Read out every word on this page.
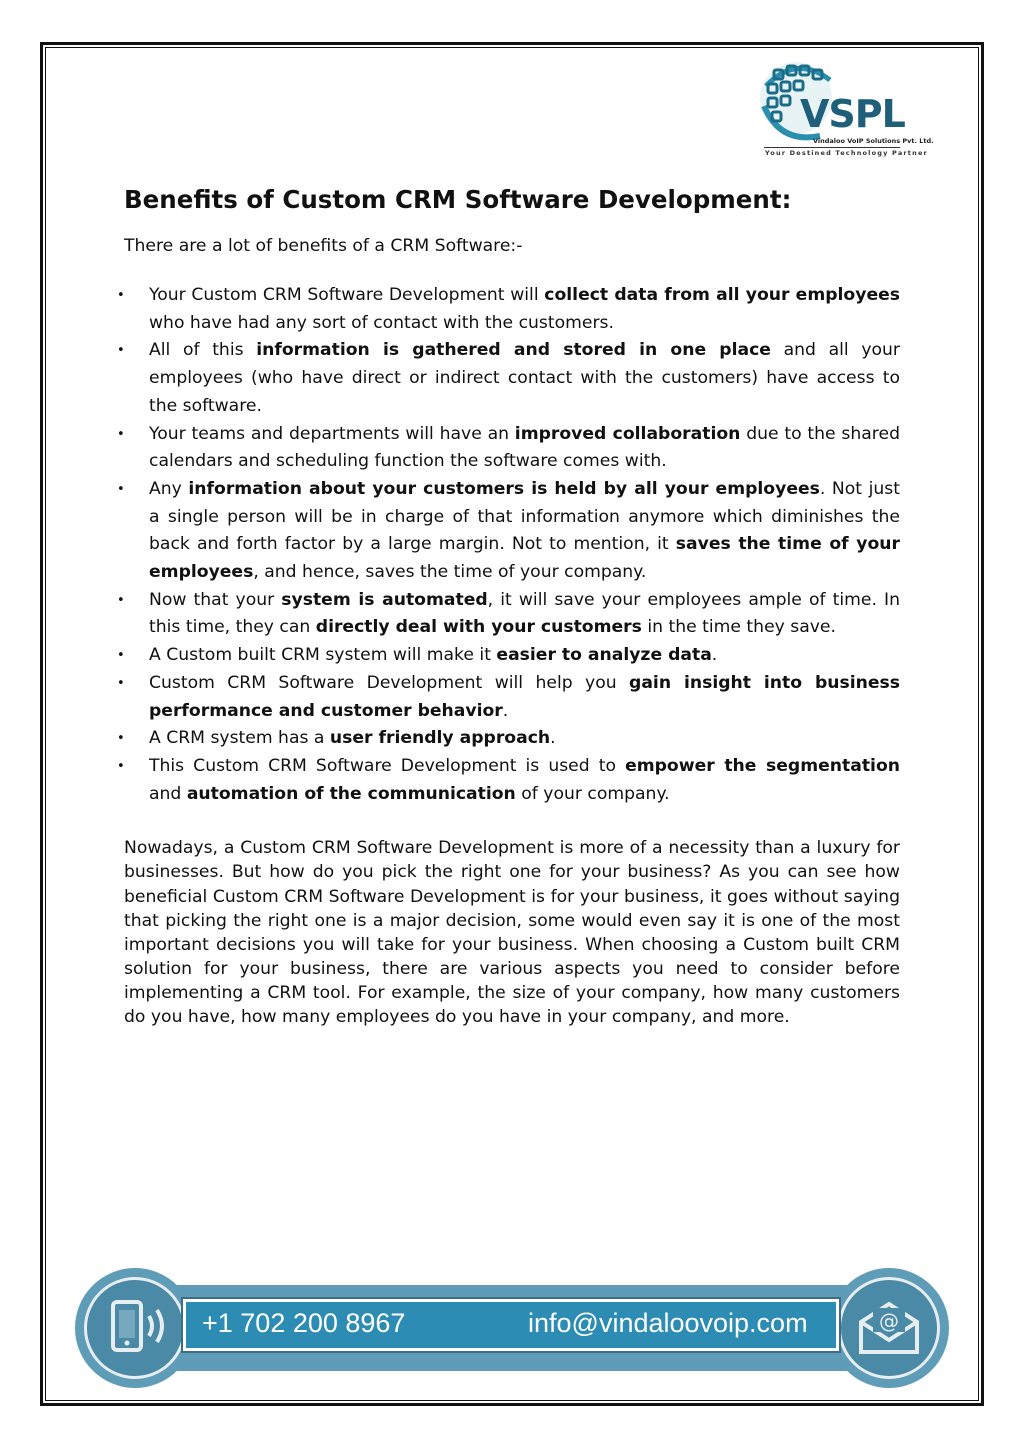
VSPL
Vindaloo VoIP Solutions Pvt. Ltd.
Your Destined Technology Partner
Benefits of Custom CRM Software Development:

There are a lot of benefits of a CRM Software:-

• Your Custom CRM Software Development will collect data from all your employees who have had any sort of contact with the customers.
• All of this information is gathered and stored in one place and all your employees (who have direct or indirect contact with the customers) have access to the software.
• Your teams and departments will have an improved collaboration due to the shared calendars and scheduling function the software comes with.
• Any information about your customers is held by all your employees. Not just a single person will be in charge of that information anymore which diminishes the back and forth factor by a large margin. Not to mention, it saves the time of your employees, and hence, saves the time of your company.
• Now that your system is automated, it will save your employees ample of time. In this time, they can directly deal with your customers in the time they save.
• A Custom built CRM system will make it easier to analyze data.
• Custom CRM Software Development will help you gain insight into business performance and customer behavior.
• A CRM system has a user friendly approach.
• This Custom CRM Software Development is used to empower the segmentation and automation of the communication of your company.

Nowadays, a Custom CRM Software Development is more of a necessity than a luxury for businesses. But how do you pick the right one for your business? As you can see how beneficial Custom CRM Software Development is for your business, it goes without saying that picking the right one is a major decision, some would even say it is one of the most important decisions you will take for your business. When choosing a Custom built CRM solution for your business, there are various aspects you need to consider before implementing a CRM tool. For example, the size of your company, how many customers do you have, how many employees do you have in your company, and more.

@
+1 702 200 8967	info@vindaloovoip.com
